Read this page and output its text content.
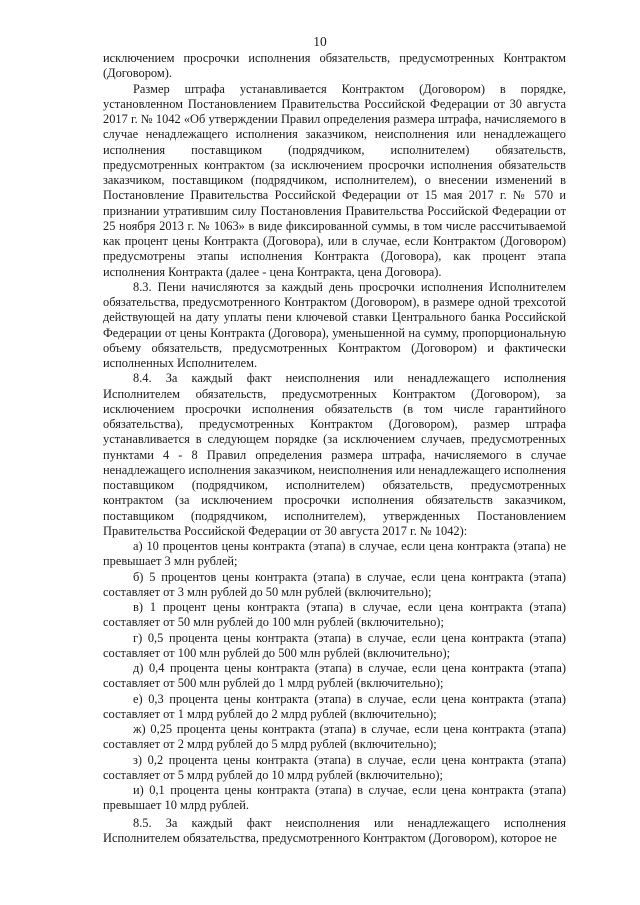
10

исключением просрочки исполнения обязательств, предусмотренных Контрактом (Договором).

Размер штрафа устанавливается Контрактом (Договором) в порядке, установленном Постановлением Правительства Российской Федерации от 30 августа 2017 г. № 1042 «Об утверждении Правил определения размера штрафа, начисляемого в случае ненадлежащего исполнения заказчиком, неисполнения или ненадлежащего исполнения поставщиком (подрядчиком, исполнителем) обязательств, предусмотренных контрактом (за исключением просрочки исполнения обязательств заказчиком, поставщиком (подрядчиком, исполнителем), о внесении изменений в Постановление Правительства Российской Федерации от 15 мая 2017 г. № 570 и признании утратившим силу Постановления Правительства Российской Федерации от 25 ноября 2013 г. № 1063» в виде фиксированной суммы, в том числе рассчитываемой как процент цены Контракта (Договора), или в случае, если Контрактом (Договором) предусмотрены этапы исполнения Контракта (Договора), как процент этапа исполнения Контракта (далее - цена Контракта, цена Договора).

8.3. Пени начисляются за каждый день просрочки исполнения Исполнителем обязательства, предусмотренного Контрактом (Договором), в размере одной трехсотой действующей на дату уплаты пени ключевой ставки Центрального банка Российской Федерации от цены Контракта (Договора), уменьшенной на сумму, пропорциональную объему обязательств, предусмотренных Контрактом (Договором) и фактически исполненных Исполнителем.

8.4. За каждый факт неисполнения или ненадлежащего исполнения Исполнителем обязательств, предусмотренных Контрактом (Договором), за исключением просрочки исполнения обязательств (в том числе гарантийного обязательства), предусмотренных Контрактом (Договором), размер штрафа устанавливается в следующем порядке (за исключением случаев, предусмотренных пунктами 4 - 8 Правил определения размера штрафа, начисляемого в случае ненадлежащего исполнения заказчиком, неисполнения или ненадлежащего исполнения поставщиком (подрядчиком, исполнителем) обязательств, предусмотренных контрактом (за исключением просрочки исполнения обязательств заказчиком, поставщиком (подрядчиком, исполнителем), утвержденных Постановлением Правительства Российской Федерации от 30 августа 2017 г. № 1042):

а) 10 процентов цены контракта (этапа) в случае, если цена контракта (этапа) не превышает 3 млн рублей;

б) 5 процентов цены контракта (этапа) в случае, если цена контракта (этапа) составляет от 3 млн рублей до 50 млн рублей (включительно);

в) 1 процент цены контракта (этапа) в случае, если цена контракта (этапа) составляет от 50 млн рублей до 100 млн рублей (включительно);

г) 0,5 процента цены контракта (этапа) в случае, если цена контракта (этапа) составляет от 100 млн рублей до 500 млн рублей (включительно);

д) 0,4 процента цены контракта (этапа) в случае, если цена контракта (этапа) составляет от 500 млн рублей до 1 млрд рублей (включительно);

е) 0,3 процента цены контракта (этапа) в случае, если цена контракта (этапа) составляет от 1 млрд рублей до 2 млрд рублей (включительно);

ж) 0,25 процента цены контракта (этапа) в случае, если цена контракта (этапа) составляет от 2 млрд рублей до 5 млрд рублей (включительно);

з) 0,2 процента цены контракта (этапа) в случае, если цена контракта (этапа) составляет от 5 млрд рублей до 10 млрд рублей (включительно);

и) 0,1 процента цены контракта (этапа) в случае, если цена контракта (этапа) превышает 10 млрд рублей.

8.5. За каждый факт неисполнения или ненадлежащего исполнения Исполнителем обязательства, предусмотренного Контрактом (Договором), которое не
